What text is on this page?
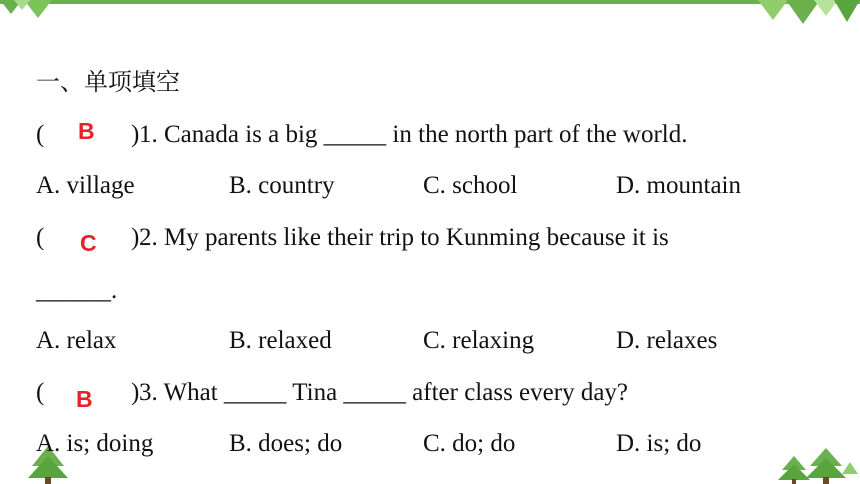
一、单项填空
( B ) 1. Canada is a big _____ in the north part of the world.
A. village	B. country	C. school	D. mountain
( C ) 2. My parents like their trip to Kunming because it is
______.
A. relax	B. relaxed	C. relaxing	D. relaxes
( B ) 3. What _____ Tina _____ after class every day?
A. is; doing	B. does; do	C. do; do	D. is; do
